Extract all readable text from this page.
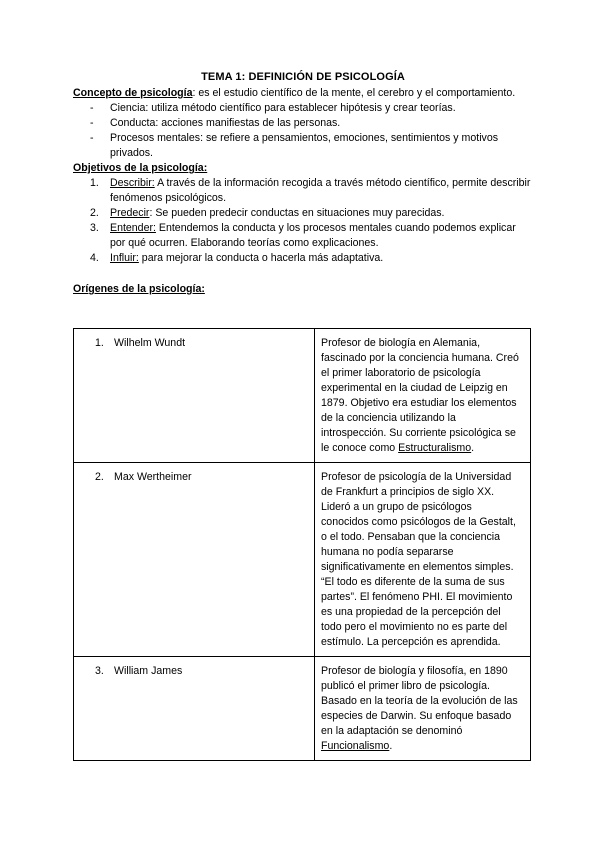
TEMA 1: DEFINICIÓN DE PSICOLOGÍA

Concepto de psicología: es el estudio científico de la mente, el cerebro y el comportamiento.

- Ciencia: utiliza método científico para establecer hipótesis y crear teorías.
- Conducta: acciones manifiestas de las personas.
- Procesos mentales: se refiere a pensamientos, emociones, sentimientos y motivos privados.

Objetivos de la psicología:

1. Describir: A través de la información recogida a través método científico, permite describir fenómenos psicológicos.
2. Predecir: Se pueden predecir conductas en situaciones muy parecidas.
3. Entender: Entendemos la conducta y los procesos mentales cuando podemos explicar por qué ocurren. Elaborando teorías como explicaciones.
4. Influir: para mejorar la conducta o hacerla más adaptativa.

Orígenes de la psicología:

1. Wilhelm Wundt	Profesor de biología en Alemania, fascinado por la conciencia humana. Creó el primer laboratorio de psicología experimental en la ciudad de Leipzig en 1879. Objetivo era estudiar los elementos de la conciencia utilizando la introspección. Su corriente psicológica se le conoce como Estructuralismo.
2. Max Wertheimer	Profesor de psicología de la Universidad de Frankfurt a principios de siglo XX. Lideró a un grupo de psicólogos conocidos como psicólogos de la Gestalt, o el todo. Pensaban que la conciencia humana no podía separarse significativamente en elementos simples. “El todo es diferente de la suma de sus partes”. El fenómeno PHI. El movimiento es una propiedad de la percepción del todo pero el movimiento no es parte del estímulo. La percepción es aprendida.
3. William James	Profesor de biología y filosofía, en 1890 publicó el primer libro de psicología. Basado en la teoría de la evolución de las especies de Darwin. Su enfoque basado en la adaptación se denominó Funcionalismo.
